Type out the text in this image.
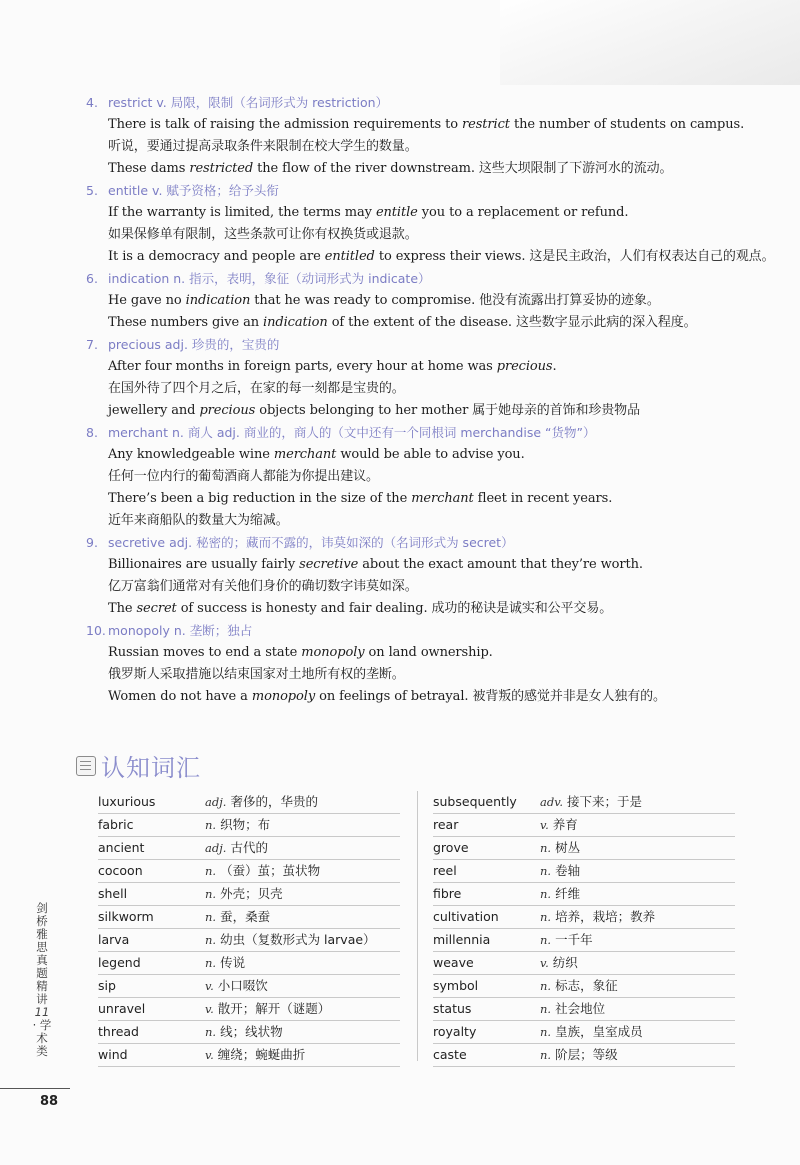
4. restrict v. 局限，限制（名词形式为 restriction）
There is talk of raising the admission requirements to restrict the number of students on campus.
听说，要通过提高录取条件来限制在校大学生的数量。
These dams restricted the flow of the river downstream. 这些大坝限制了下游河水的流动。
5. entitle v. 赋予资格；给予头衔
If the warranty is limited, the terms may entitle you to a replacement or refund.
如果保修单有限制，这些条款可让你有权换货或退款。
It is a democracy and people are entitled to express their views. 这是民主政治，人们有权表达自己的观点。
6. indication n. 指示，表明，象征（动词形式为 indicate）
He gave no indication that he was ready to compromise. 他没有流露出打算妥协的迹象。
These numbers give an indication of the extent of the disease. 这些数字显示此病的深入程度。
7. precious adj. 珍贵的，宝贵的
After four months in foreign parts, every hour at home was precious.
在国外待了四个月之后，在家的每一刻都是宝贵的。
jewellery and precious objects belonging to her mother 属于她母亲的首饰和珍贵物品
8. merchant n. 商人 adj. 商业的，商人的（文中还有一个同根词 merchandise “货物”）
Any knowledgeable wine merchant would be able to advise you.
任何一位内行的葡萄酒商人都能为你提出建议。
There’s been a big reduction in the size of the merchant fleet in recent years.
近年来商船队的数量大为缩减。
9. secretive adj. 秘密的；藏而不露的，讳莫如深的（名词形式为 secret）
Billionaires are usually fairly secretive about the exact amount that they’re worth.
亿万富翁们通常对有关他们身价的确切数字讳莫如深。
The secret of success is honesty and fair dealing. 成功的秘诀是诚实和公平交易。
10. monopoly n. 垄断；独占
Russian moves to end a state monopoly on land ownership.
俄罗斯人采取措施以结束国家对土地所有权的垄断。
Women do not have a monopoly on feelings of betrayal. 被背叛的感觉并非是女人独有的。
认知词汇
luxurious	adj. 奢侈的，华贵的
fabric	n. 织物；布
ancient	adj. 古代的
cocoon	n. （蚕）茧；茧状物
shell	n. 外壳；贝壳
silkworm	n. 蚕，桑蚕
larva	n. 幼虫（复数形式为 larvae）
legend	n. 传说
sip	v. 小口啜饮
unravel	v. 散开；解开（谜题）
thread	n. 线；线状物
wind	v. 缠绕；蜿蜒曲折
subsequently	adv. 接下来；于是
rear	v. 养育
grove	n. 树丛
reel	n. 卷轴
fibre	n. 纤维
cultivation	n. 培养，栽培；教养
millennia	n. 一千年
weave	v. 纺织
symbol	n. 标志，象征
status	n. 社会地位
royalty	n. 皇族，皇室成员
caste	n. 阶层；等级
剑桥雅思真题精讲 11 · 学术类
88
